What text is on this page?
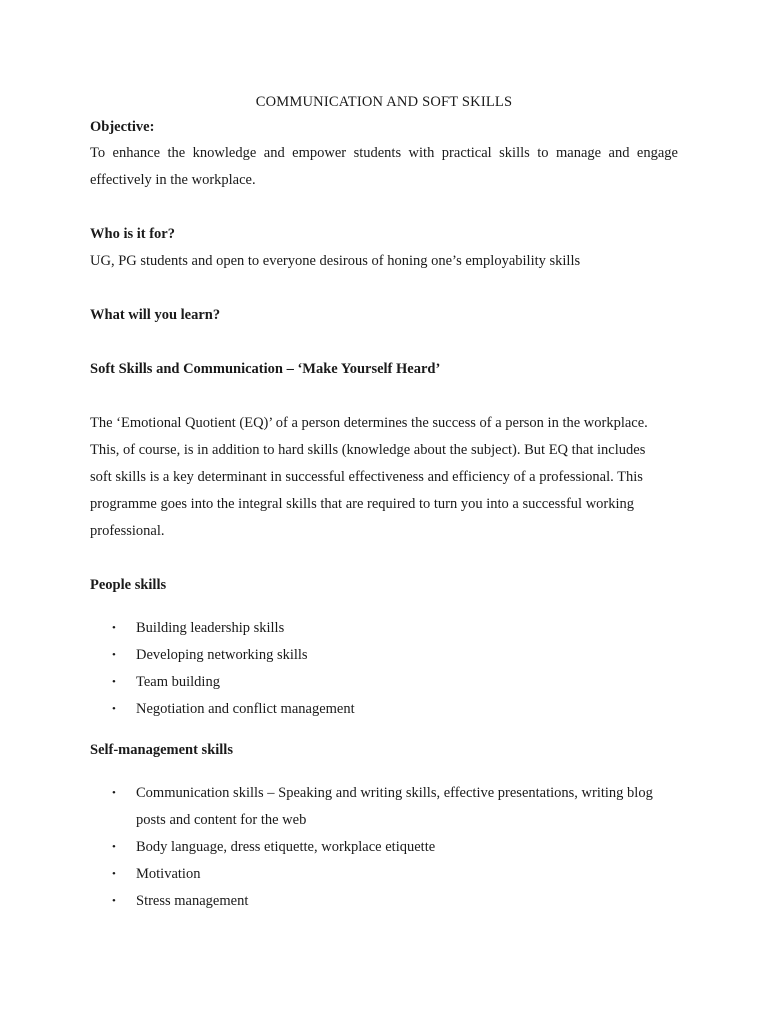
COMMUNICATION AND SOFT SKILLS

Objective:

To enhance the knowledge and empower students with practical skills to manage and engage effectively in the workplace.

Who is it for?

UG, PG students and open to everyone desirous of honing one’s employability skills

What will you learn?

Soft Skills and Communication – ‘Make Yourself Heard’

The ‘Emotional Quotient (EQ)’ of a person determines the success of a person in the workplace. This, of course, is in addition to hard skills (knowledge about the subject). But EQ that includes soft skills is a key determinant in successful effectiveness and efficiency of a professional. This programme goes into the integral skills that are required to turn you into a successful working professional.

People skills

• Building leadership skills
• Developing networking skills
• Team building
• Negotiation and conflict management

Self-management skills

• Communication skills – Speaking and writing skills, effective presentations, writing blog posts and content for the web
• Body language, dress etiquette, workplace etiquette
• Motivation
• Stress management
